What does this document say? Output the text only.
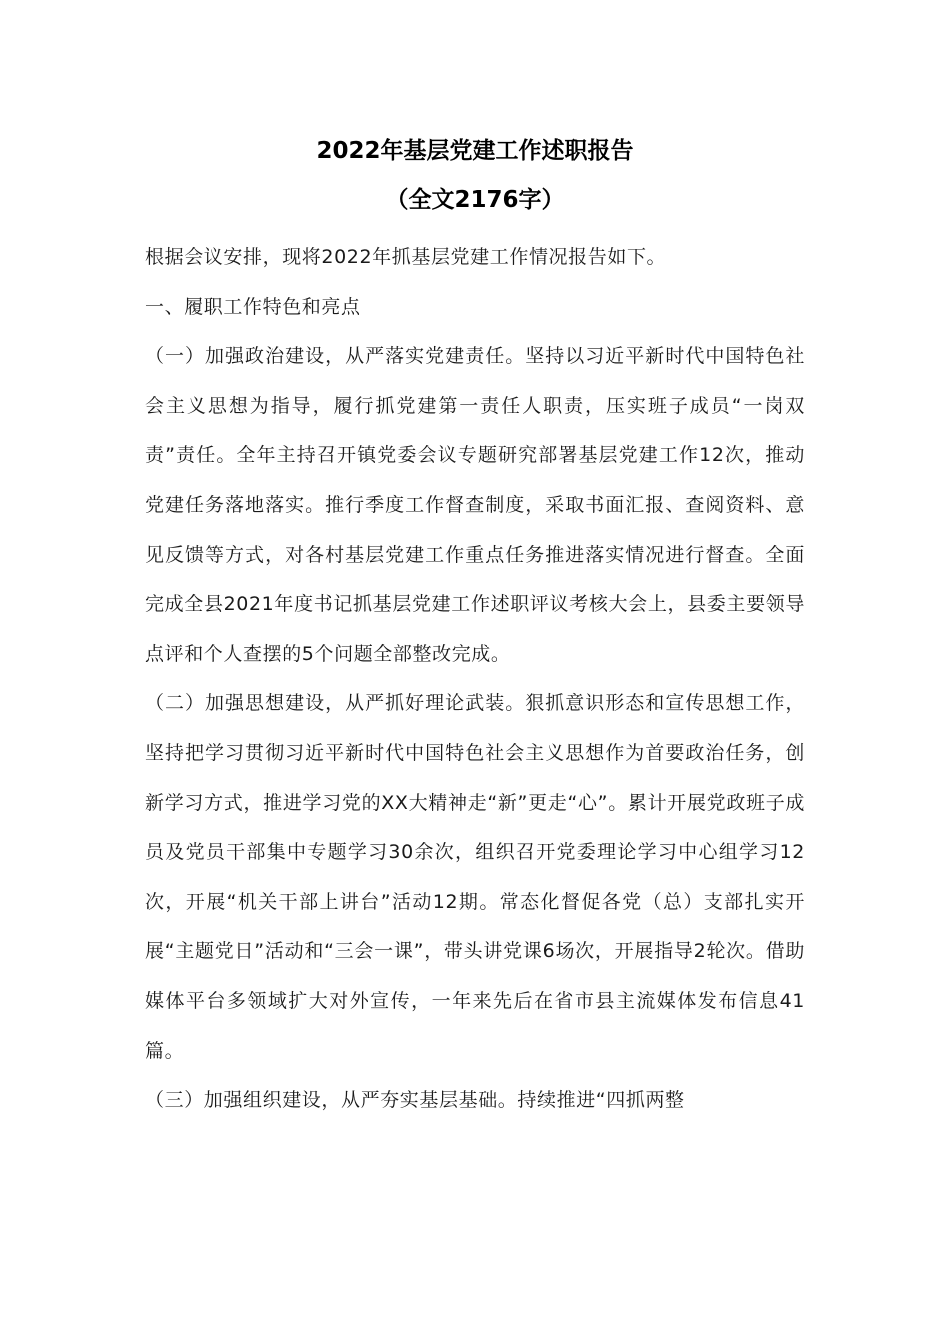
2022年基层党建工作述职报告
（全文2176字）

根据会议安排，现将2022年抓基层党建工作情况报告如下。

一、履职工作特色和亮点

（一）加强政治建设，从严落实党建责任。坚持以习近平新时代中国特色社会主义思想为指导，履行抓党建第一责任人职责，压实班子成员“一岗双责”责任。全年主持召开镇党委会议专题研究部署基层党建工作12次，推动党建任务落地落实。推行季度工作督查制度，采取书面汇报、查阅资料、意见反馈等方式，对各村基层党建工作重点任务推进落实情况进行督查。全面完成全县2021年度书记抓基层党建工作述职评议考核大会上，县委主要领导点评和个人查摆的5个问题全部整改完成。

（二）加强思想建设，从严抓好理论武装。狠抓意识形态和宣传思想工作，坚持把学习贯彻习近平新时代中国特色社会主义思想作为首要政治任务，创新学习方式，推进学习党的XX大精神走“新”更走“心”。累计开展党政班子成员及党员干部集中专题学习30余次，组织召开党委理论学习中心组学习12次，开展“机关干部上讲台”活动12期。常态化督促各党（总）支部扎实开展“主题党日”活动和“三会一课”，带头讲党课6场次，开展指导2轮次。借助媒体平台多领域扩大对外宣传，一年来先后在省市县主流媒体发布信息41篇。

（三）加强组织建设，从严夯实基层基础。持续推进“四抓两整
